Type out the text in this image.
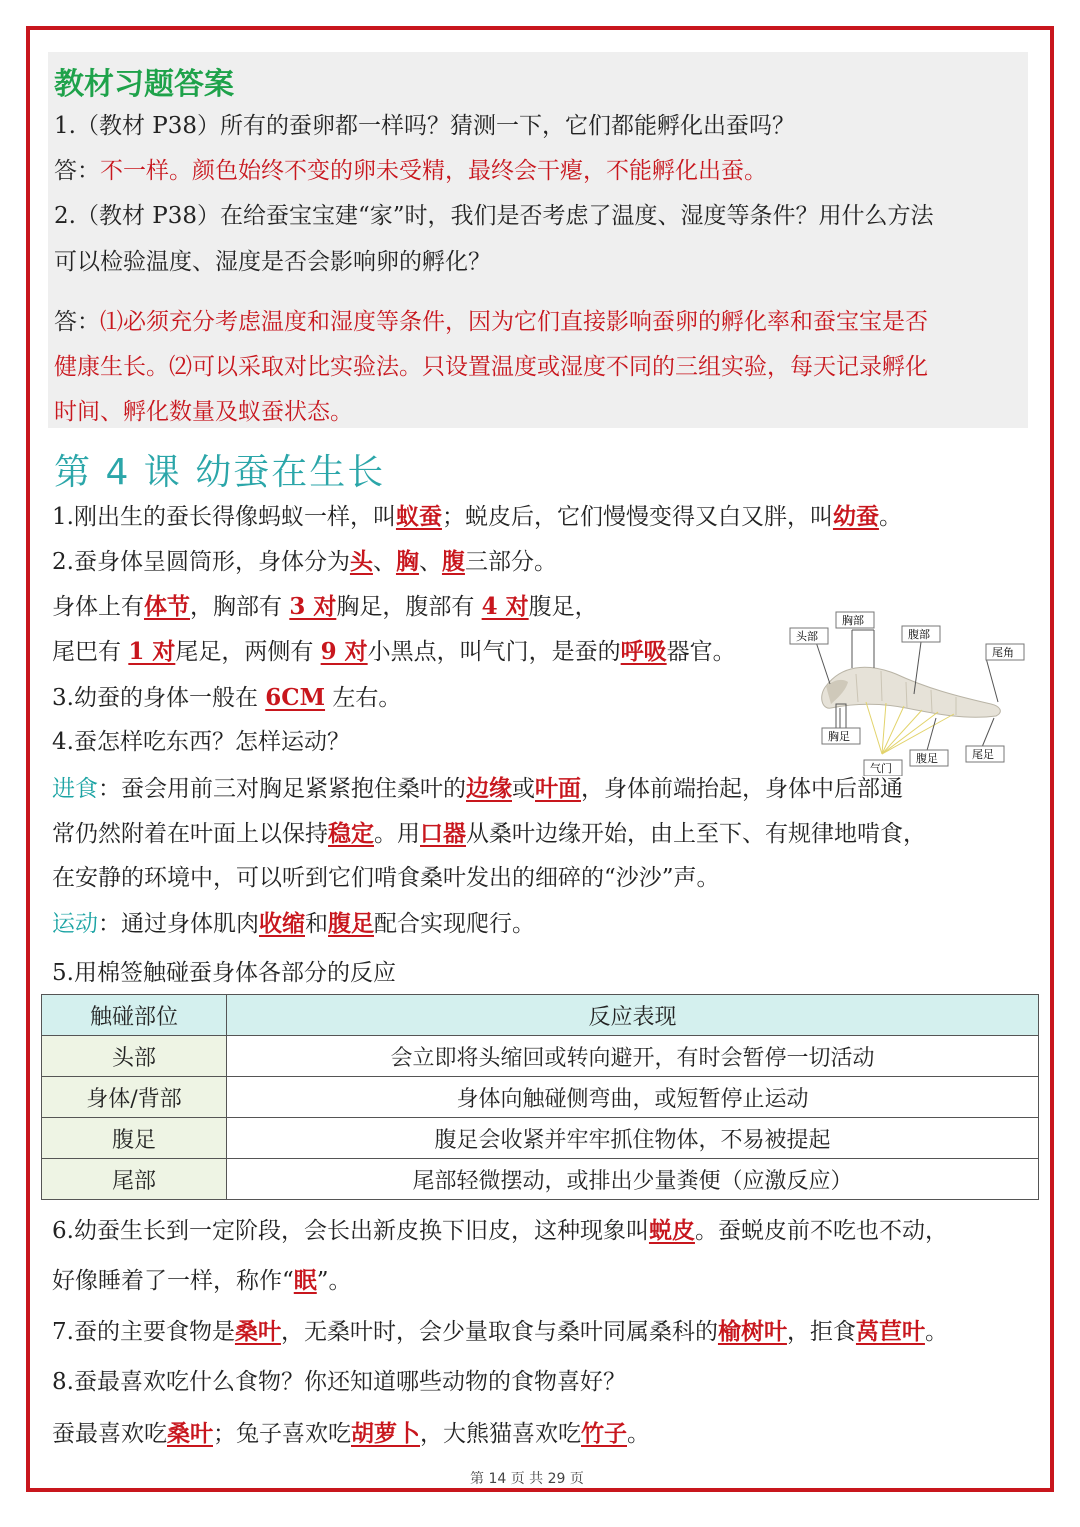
教材习题答案
1.（教材 P38）所有的蚕卵都一样吗？猜测一下，它们都能孵化出蚕吗？
答：不一样。颜色始终不变的卵未受精，最终会干瘪，不能孵化出蚕。
2.（教材 P38）在给蚕宝宝建“家”时，我们是否考虑了温度、湿度等条件？用什么方法
可以检验温度、湿度是否会影响卵的孵化？
答：⑴必须充分考虑温度和湿度等条件，因为它们直接影响蚕卵的孵化率和蚕宝宝是否
健康生长。⑵可以采取对比实验法。只设置温度或湿度不同的三组实验，每天记录孵化
时间、孵化数量及蚁蚕状态。
第 4 课 幼蚕在生长
1.刚出生的蚕长得像蚂蚁一样，叫蚁蚕；蜕皮后，它们慢慢变得又白又胖，叫幼蚕。
2.蚕身体呈圆筒形，身体分为头、胸、腹三部分。
身体上有体节，胸部有 3 对胸足，腹部有 4 对腹足，
尾巴有 1 对尾足，两侧有 9 对小黑点，叫气门，是蚕的呼吸器官。
3.幼蚕的身体一般在 6CM 左右。
4.蚕怎样吃东西？怎样运动？
进食：蚕会用前三对胸足紧紧抱住桑叶的边缘或叶面，身体前端抬起，身体中后部通
常仍然附着在叶面上以保持稳定。用口器从桑叶边缘开始，由上至下、有规律地啃食，
在安静的环境中，可以听到它们啃食桑叶发出的细碎的“沙沙”声。
运动：通过身体肌肉收缩和腹足配合实现爬行。
5.用棉签触碰蚕身体各部分的反应
触碰部位	反应表现
头部	会立即将头缩回或转向避开，有时会暂停一切活动
身体/背部	身体向触碰侧弯曲，或短暂停止运动
腹足	腹足会收紧并牢牢抓住物体，不易被提起
尾部	尾部轻微摆动，或排出少量粪便（应激反应）
6.幼蚕生长到一定阶段，会长出新皮换下旧皮，这种现象叫蜕皮。蚕蜕皮前不吃也不动，
好像睡着了一样，称作“眠”。
7.蚕的主要食物是桑叶，无桑叶时，会少量取食与桑叶同属桑科的榆树叶，拒食莴苣叶。
8.蚕最喜欢吃什么食物？你还知道哪些动物的食物喜好？
蚕最喜欢吃桑叶；兔子喜欢吃胡萝卜，大熊猫喜欢吃竹子。
头部
胸部
腹部
尾角
胸足
气门
腹足	尾足
第 14 页 共 29 页
